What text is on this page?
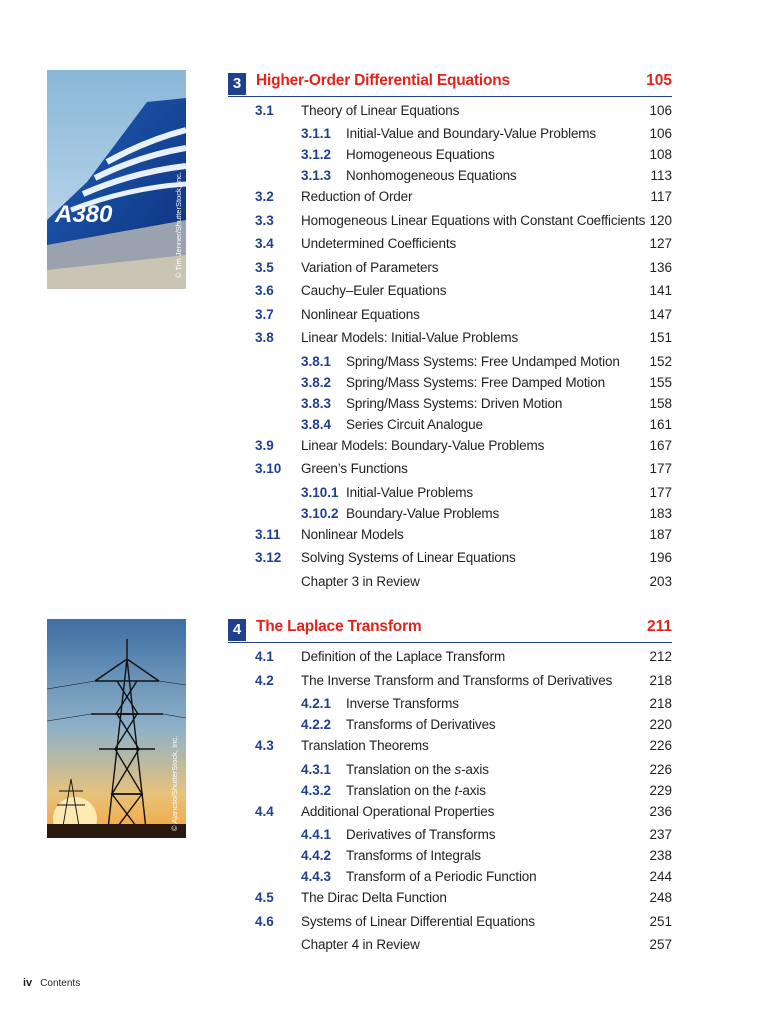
A380	© Tim Jenner/ShutterStock, Inc.
© Ajancso/ShutterStock, Inc.
3 Higher-Order Differential Equations	105
3.1 Theory of Linear Equations	106
3.1.1 Initial-Value and Boundary-Value Problems	106
3.1.2 Homogeneous Equations	108
3.1.3 Nonhomogeneous Equations	113
3.2 Reduction of Order	117
3.3 Homogeneous Linear Equations with Constant Coefficients 120
3.4 Undetermined Coefficients	127
3.5 Variation of Parameters	136
3.6 Cauchy–Euler Equations	141
3.7 Nonlinear Equations	147
3.8 Linear Models: Initial-Value Problems	151
3.8.1 Spring/Mass Systems: Free Undamped Motion 152
3.8.2 Spring/Mass Systems: Free Damped Motion	155
3.8.3 Spring/Mass Systems: Driven Motion	158
3.8.4 Series Circuit Analogue	161
3.9 Linear Models: Boundary-Value Problems	167
3.10 Green’s Functions	177
3.10.1 Initial-Value Problems	177
3.10.2 Boundary-Value Problems	183
3.11 Nonlinear Models	187
3.12 Solving Systems of Linear Equations	196
Chapter 3 in Review	203
4 The Laplace Transform	211
4.1 Definition of the Laplace Transform	212
4.2 The Inverse Transform and Transforms of Derivatives	218
4.2.1 Inverse Transforms	218
4.2.2 Transforms of Derivatives	220
4.3 Translation Theorems	226
4.3.1 Translation on the s-axis	226
4.3.2 Translation on the t-axis	229
4.4 Additional Operational Properties	236
4.4.1 Derivatives of Transforms	237
4.4.2 Transforms of Integrals	238
4.4.3 Transform of a Periodic Function	244
4.5 The Dirac Delta Function	248
4.6 Systems of Linear Differential Equations	251
Chapter 4 in Review	257
iv Contents
